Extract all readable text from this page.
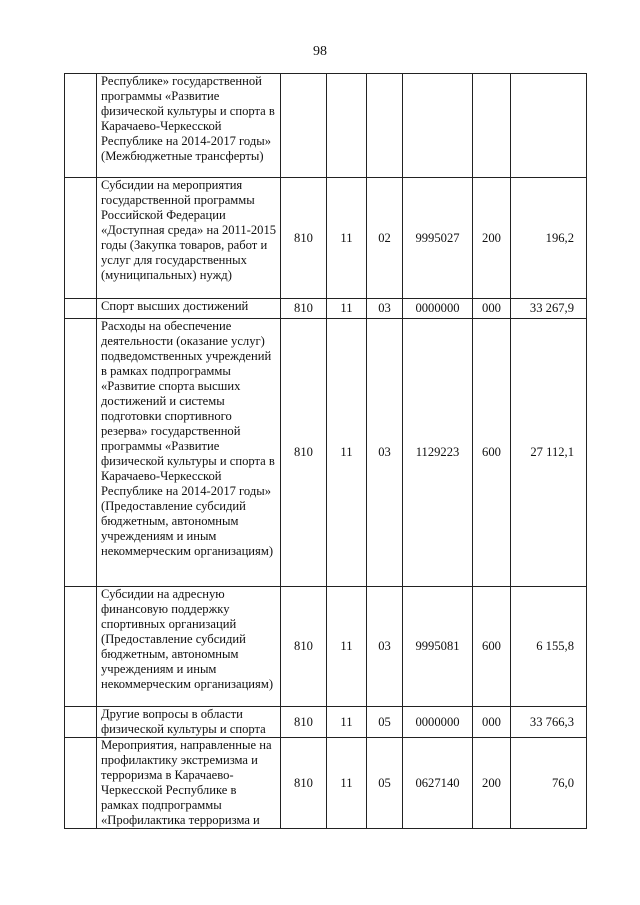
98
	Республике» государственной программы «Развитие физической культуры и спорта в Карачаево-Черкесской Республике на 2014-2017 годы» (Межбюджетные трансферты)						
	Субсидии на мероприятия государственной программы Российской Федерации «Доступная среда» на 2011-2015 годы (Закупка товаров, работ и услуг для государственных (муниципальных) нужд)	810	11	02	9995027	200	196,2
	Спорт высших достижений	810	11	03	0000000	000	33 267,9
	Расходы на обеспечение деятельности (оказание услуг) подведомственных учреждений в рамках подпрограммы «Развитие спорта высших достижений и системы подготовки спортивного резерва» государственной программы «Развитие физической культуры и спорта в Карачаево-Черкесской Республике на 2014-2017 годы» (Предоставление субсидий бюджетным, автономным учреждениям и иным некоммерческим организациям)	810	11	03	1129223	600	27 112,1
	Субсидии на адресную финансовую поддержку спортивных организаций (Предоставление субсидий бюджетным, автономным учреждениям и иным некоммерческим организациям)	810	11	03	9995081	600	6 155,8
	Другие вопросы в области физической культуры и спорта	810	11	05	0000000	000	33 766,3
	Мероприятия, направленные на профилактику экстремизма и терроризма в Карачаево-Черкесской Республике в рамках подпрограммы «Профилактика терроризма и	810	11	05	0627140	200	76,0
